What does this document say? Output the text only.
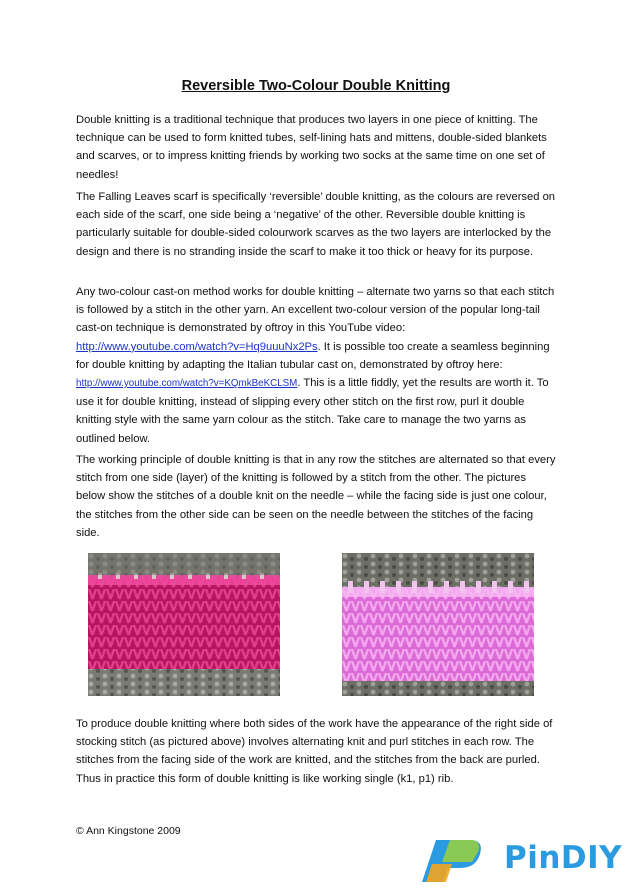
Reversible Two-Colour Double Knitting

Double knitting is a traditional technique that produces two layers in one piece of knitting. The technique can be used to form knitted tubes, self-lining hats and mittens, double-sided blankets and scarves, or to impress knitting friends by working two socks at the same time on one set of needles!

The Falling Leaves scarf is specifically ‘reversible’ double knitting, as the colours are reversed on each side of the scarf, one side being a ‘negative’ of the other. Reversible double knitting is particularly suitable for double-sided colourwork scarves as the two layers are interlocked by the design and there is no stranding inside the scarf to make it too thick or heavy for its purpose.

Any two-colour cast-on method works for double knitting – alternate two yarns so that each stitch is followed by a stitch in the other yarn. An excellent two-colour version of the popular long-tail cast-on technique is demonstrated by oftroy in this YouTube video: http://www.youtube.com/watch?v=Hq9uuuNx2Ps. It is possible too create a seamless beginning for double knitting by adapting the Italian tubular cast on, demonstrated by oftroy here: http://www.youtube.com/watch?v=KQmkBeKCLSM. This is a little fiddly, yet the results are worth it. To use it for double knitting, instead of slipping every other stitch on the first row, purl it double knitting style with the same yarn colour as the stitch. Take care to manage the two yarns as outlined below.

The working principle of double knitting is that in any row the stitches are alternated so that every stitch from one side (layer) of the knitting is followed by a stitch from the other. The pictures below show the stitches of a double knit on the needle – while the facing side is just one colour, the stitches from the other side can be seen on the needle between the stitches of the facing side.

To produce double knitting where both sides of the work have the appearance of the right side of stocking stitch (as pictured above) involves alternating knit and purl stitches in each row. The stitches from the facing side of the work are knitted, and the stitches from the back are purled. Thus in practice this form of double knitting is like working single (k1, p1) rib.

© Ann Kingstone 2009
PinDIY
